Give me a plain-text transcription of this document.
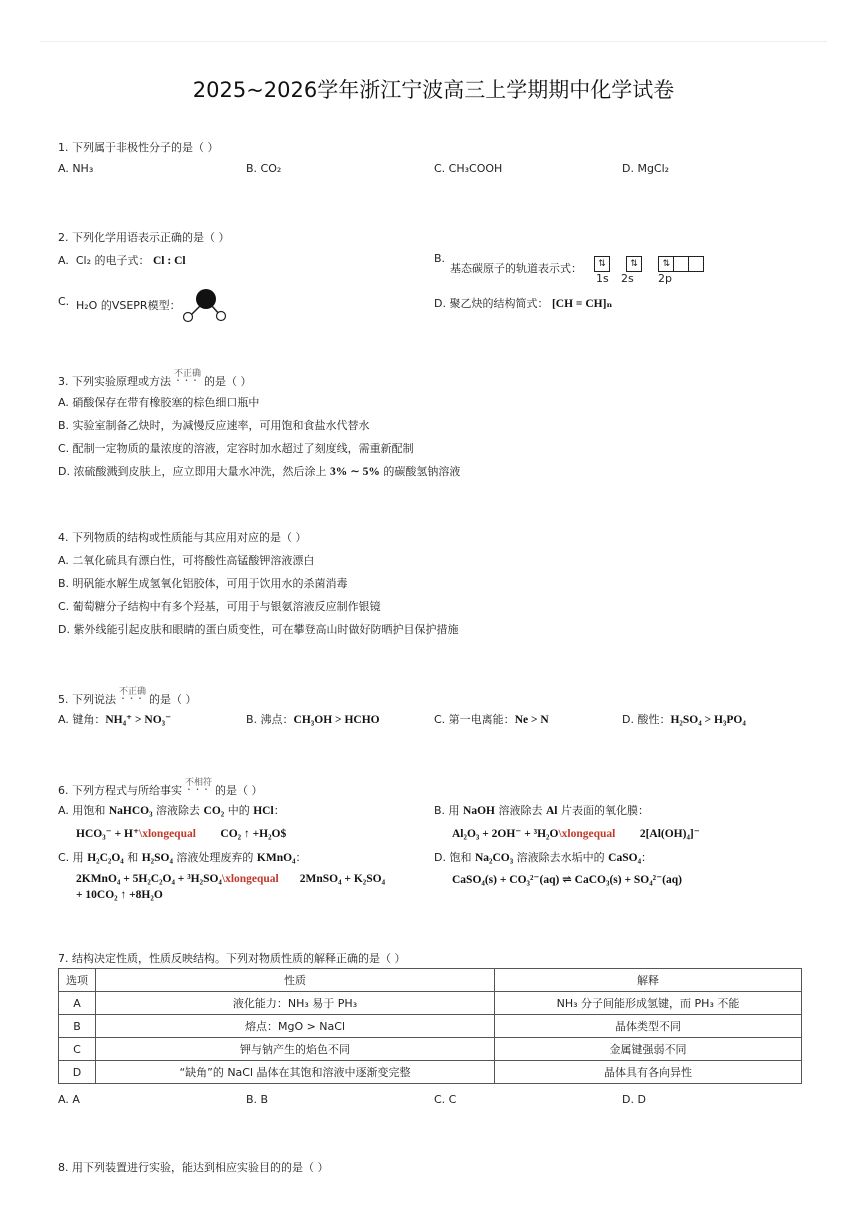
2025~2026学年浙江宁波高三上学期期中化学试卷
1. 下列属于非极性分子的是（ ）
A. NH₃	B. CO₂	C. CH₃COOH	D. MgCl₂
2. 下列化学用语表示正确的是（ ）
A. Cl₂ 的电子式： Cl : Cl	B.
基态碳原子的轨道表示式：	⇅	⇅	⇅
1s 2s 2p
C. H₂O 的VSEPR模型：	D. 聚乙炔的结构简式： [CH = CH]ₙ
3. 下列实验原理或方法不正确 • • •的是（ ）
A. 硝酸保存在带有橡胶塞的棕色细口瓶中
B. 实验室制备乙炔时，为减慢反应速率，可用饱和食盐水代替水
C. 配制一定物质的量浓度的溶液，定容时加水超过了刻度线，需重新配制
D. 浓硫酸溅到皮肤上，应立即用大量水冲洗，然后涂上 3% ∼ 5% 的碳酸氢钠溶液
4. 下列物质的结构或性质能与其应用对应的是（ ）
A. 二氧化硫具有漂白性，可将酸性高锰酸钾溶液漂白
B. 明矾能水解生成氢氧化铝胶体，可用于饮用水的杀菌消毒
C. 葡萄糖分子结构中有多个羟基，可用于与银氨溶液反应制作银镜
D. 紫外线能引起皮肤和眼睛的蛋白质变性，可在攀登高山时做好防晒护目保护措施
5. 下列说法不正确 • • •的是（ ）
A. 键角：NH₄⁺ > NO₃⁻	B. 沸点：CH₃OH > HCHO	C. 第一电离能：Ne > N	D. 酸性：H₂SO₄ > H₃PO₄
6. 下列方程式与所给事实不相符 • • •的是（ ）
A. 用饱和 NaHCO₃ 溶液除去 CO₂ 中的 HCl：
HCO₃⁻ + H⁺\xlongequal CO₂ ↑ +H₂O$
B. 用 NaOH 溶液除去 Al 片表面的氧化膜：
Al₂O₃ + 2OH⁻ + ³H₂O\xlongequal 2[Al(OH)₄]⁻
C. 用 H₂C₂O₄ 和 H₂SO₄ 溶液处理废弃的 KMnO₄：
2KMnO₄ + 5H₂C₂O₄ + ³H₂SO₄\xlongequal 2MnSO₄ + K₂SO₄
+ 10CO₂ ↑ +8H₂O
D. 饱和 Na₂CO₃ 溶液除去水垢中的 CaSO₄：
CaSO₄(s) + CO₃²⁻(aq) ⇌ CaCO₃(s) + SO₄²⁻(aq)
7. 结构决定性质，性质反映结构。下列对物质性质的解释正确的是（ ）
选项	性质	解释
A	液化能力：NH₃ 易于 PH₃	NH₃ 分子间能形成氢键，而 PH₃ 不能
B	熔点：MgO > NaCl	晶体类型不同
C	钾与钠产生的焰色不同	金属键强弱不同
D	“缺角”的 NaCl 晶体在其饱和溶液中逐渐变完整	晶体具有各向异性
A. A	B. B	C. C	D. D
8. 用下列装置进行实验，能达到相应实验目的的是（ ）
